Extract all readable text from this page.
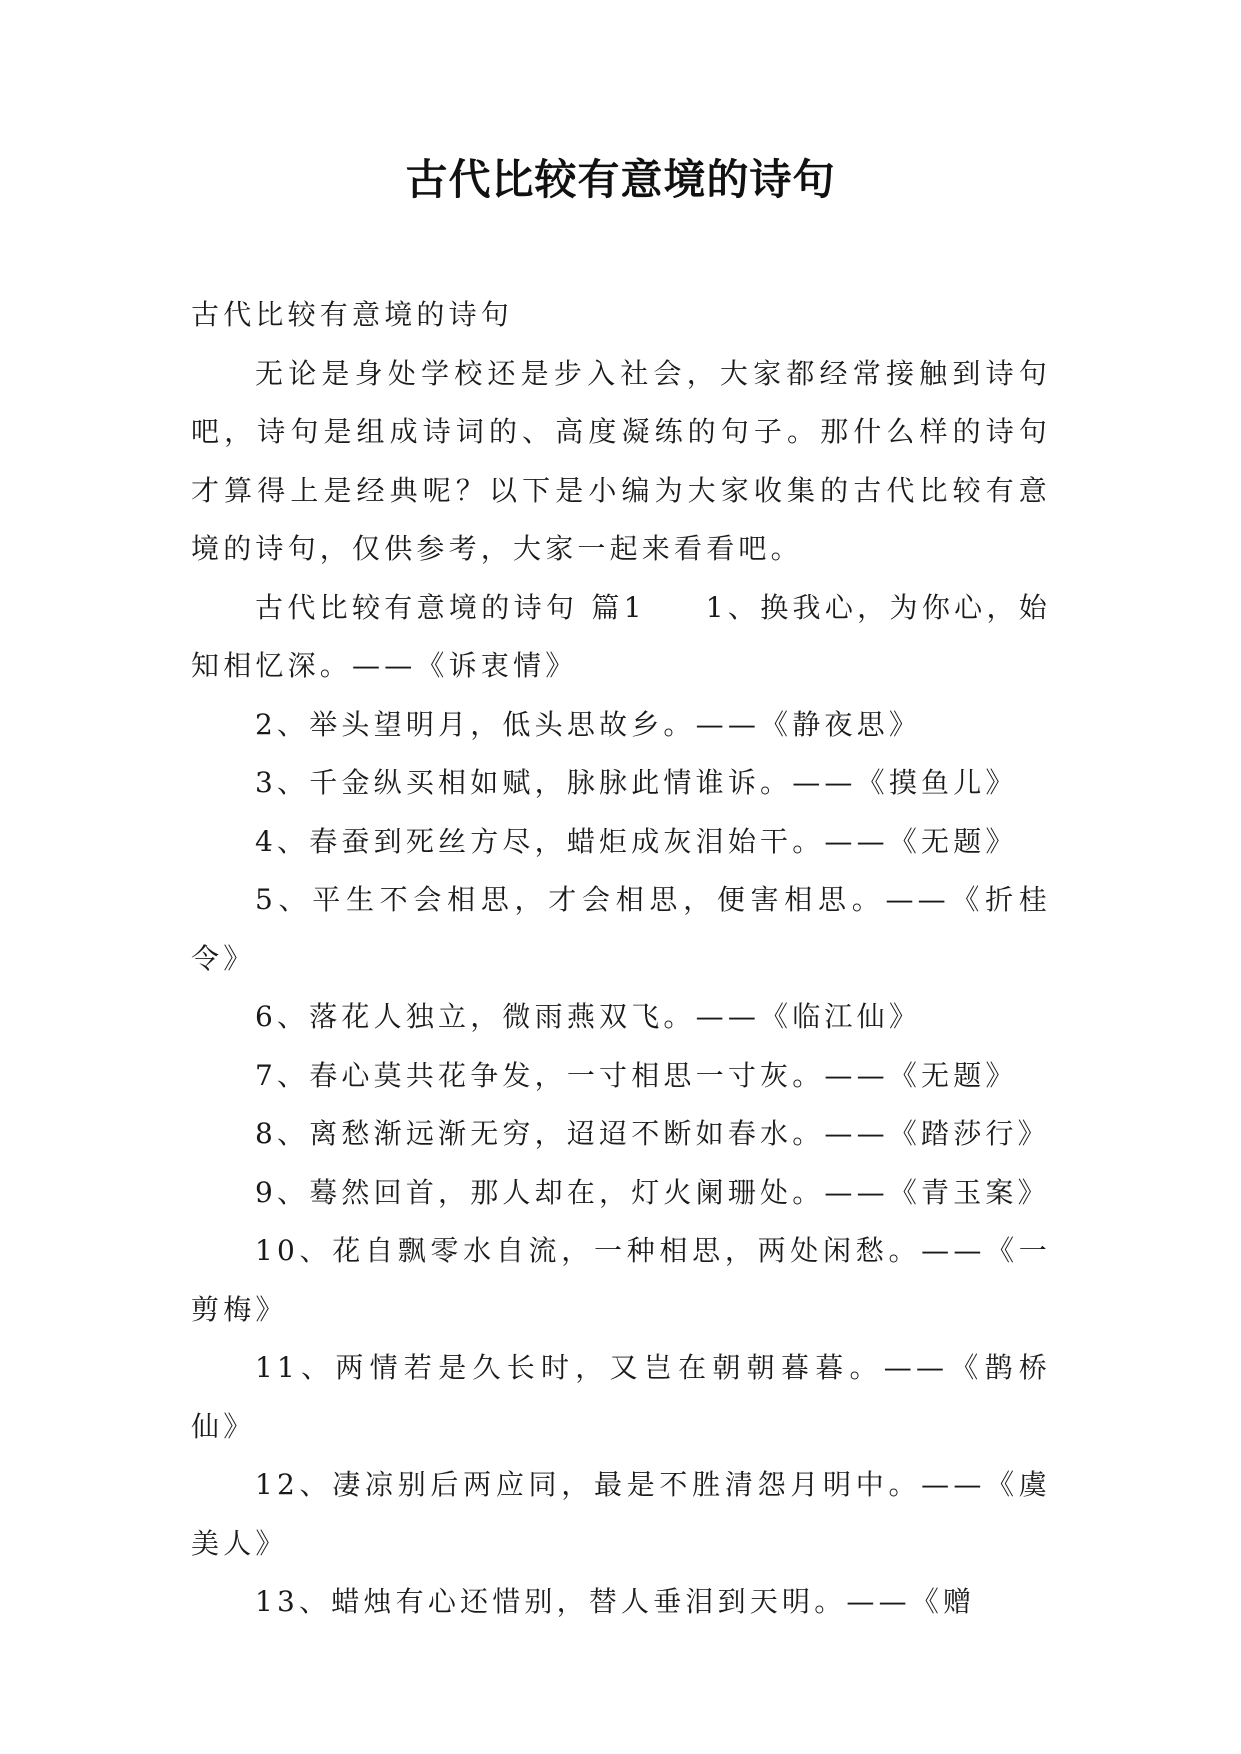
古代比较有意境的诗句

古代比较有意境的诗句

无论是身处学校还是步入社会，大家都经常接触到诗句吧，诗句是组成诗词的、高度凝练的句子。那什么样的诗句才算得上是经典呢？以下是小编为大家收集的古代比较有意境的诗句，仅供参考，大家一起来看看吧。

古代比较有意境的诗句 篇1 1、换我心，为你心，始知相忆深。——《诉衷情》

2、举头望明月，低头思故乡。——《静夜思》

3、千金纵买相如赋，脉脉此情谁诉。——《摸鱼儿》

4、春蚕到死丝方尽，蜡炬成灰泪始干。——《无题》

5、平生不会相思，才会相思，便害相思。——《折桂令》

6、落花人独立，微雨燕双飞。——《临江仙》

7、春心莫共花争发，一寸相思一寸灰。——《无题》

8、离愁渐远渐无穷，迢迢不断如春水。——《踏莎行》

9、蓦然回首，那人却在，灯火阑珊处。——《青玉案》

10、花自飘零水自流，一种相思，两处闲愁。——《一剪梅》

11、两情若是久长时，又岂在朝朝暮暮。——《鹊桥仙》

12、凄凉别后两应同，最是不胜清怨月明中。——《虞美人》

13、蜡烛有心还惜别，替人垂泪到天明。——《赠
